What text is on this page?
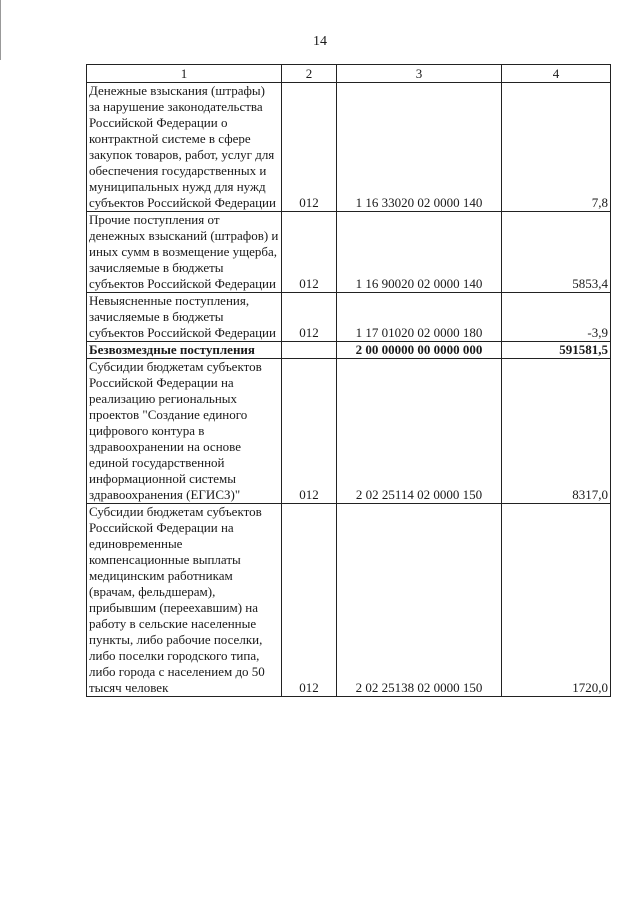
14
1	2	3	4
Денежные взыскания (штрафы) за нарушение законодательства Российской Федерации о контрактной системе в сфере закупок товаров, работ, услуг для обеспечения государственных и муниципальных нужд для нужд субъектов Российской Федерации	012	1 16 33020 02 0000 140	7,8
Прочие поступления от денежных взысканий (штрафов) и иных сумм в возмещение ущерба, зачисляемые в бюджеты субъектов Российской Федерации	012	1 16 90020 02 0000 140	5853,4
Невыясненные поступления, зачисляемые в бюджеты субъектов Российской Федерации	012	1 17 01020 02 0000 180	-3,9
Безвозмездные поступления		2 00 00000 00 0000 000	591581,5
Субсидии бюджетам субъектов Российской Федерации на реализацию региональных проектов "Создание единого цифрового контура в здравоохранении на основе единой государственной информационной системы здравоохранения (ЕГИСЗ)"	012	2 02 25114 02 0000 150	8317,0
Субсидии бюджетам субъектов Российской Федерации на единовременные компенсационные выплаты медицинским работникам (врачам, фельдшерам), прибывшим (переехавшим) на работу в сельские населенные пункты, либо рабочие поселки, либо поселки городского типа, либо города с населением до 50 тысяч человек	012	2 02 25138 02 0000 150	1720,0
